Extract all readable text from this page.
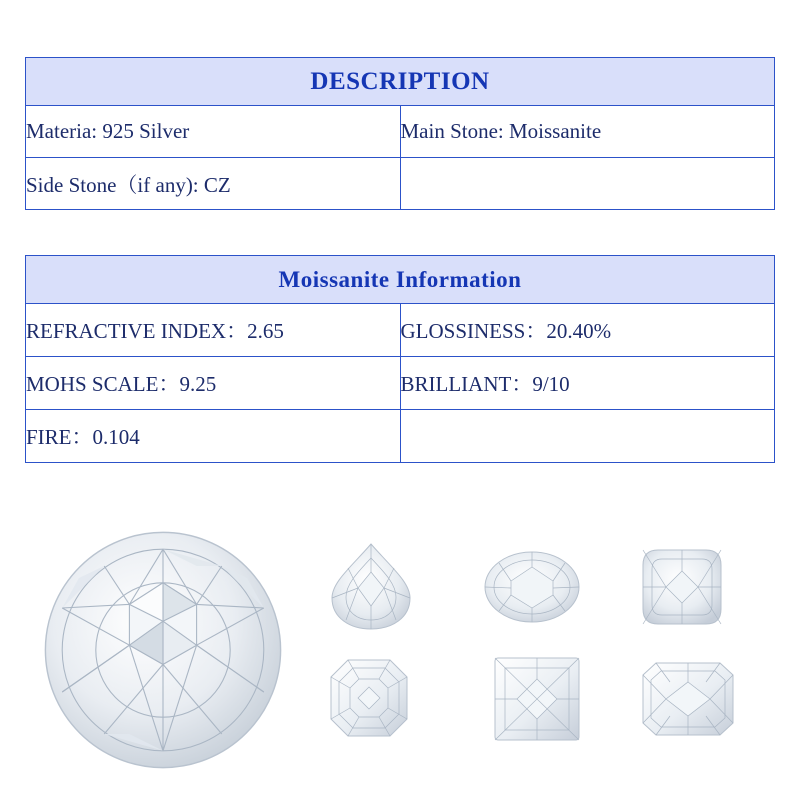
DESCRIPTION	
Materia: 925 Silver	Main Stone: Moissanite
Side Stone（if any): CZ	
Moissanite Information	
REFRACTIVE INDEX：2.65	GLOSSINESS：20.40%
MOHS SCALE：9.25	BRILLIANT：9/10
FIRE：0.104	
